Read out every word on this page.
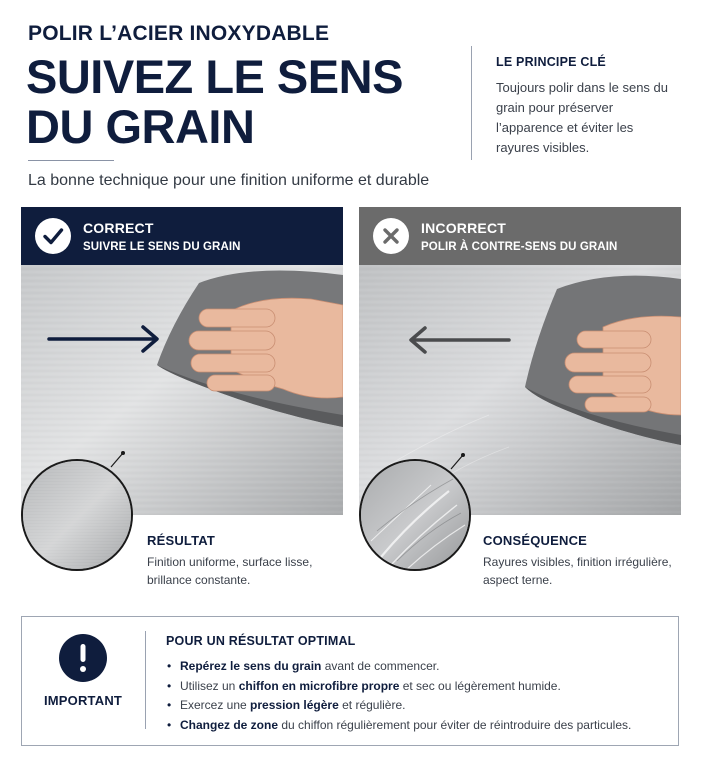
POLIR L’ACIER INOXYDABLE
SUIVEZ LE SENS
DU GRAIN
La bonne technique pour une finition uniforme et durable
LE PRINCIPE CLÉ
Toujours polir dans le sens du grain pour préserver l’apparence et éviter les rayures visibles.
CORRECT
SUIVRE LE SENS DU GRAIN
RÉSULTAT
Finition uniforme, surface lisse, brillance constante.
INCORRECT
POLIR À CONTRE-SENS DU GRAIN
CONSÉQUENCE
Rayures visibles, finition irrégulière, aspect terne.
IMPORTANT
POUR UN RÉSULTAT OPTIMAL
• Repérez le sens du grain avant de commencer.
• Utilisez un chiffon en microfibre propre et sec ou légèrement humide.
• Exercez une pression légère et régulière.
• Changez de zone du chiffon régulièrement pour éviter de réintroduire des particules.
